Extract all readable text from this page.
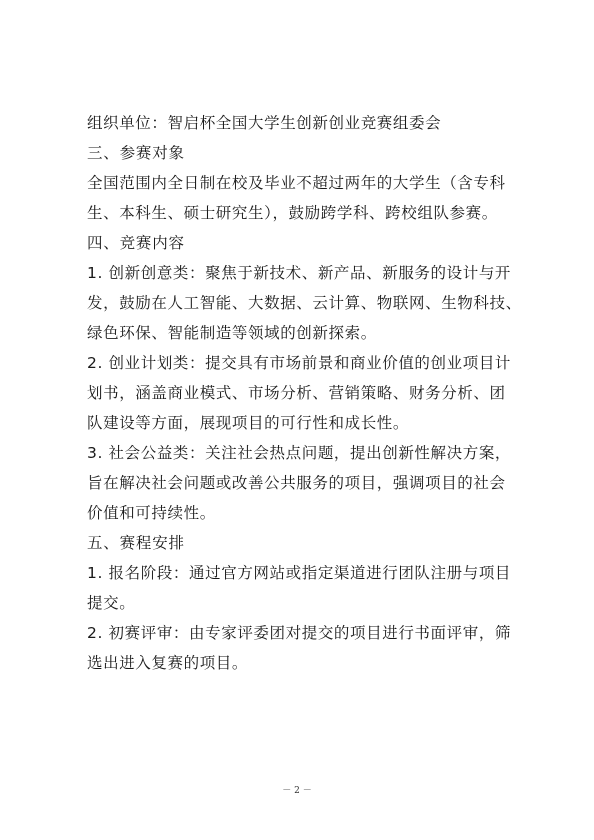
组织单位：智启杯全国大学生创新创业竞赛组委会
三、参赛对象
全国范围内全日制在校及毕业不超过两年的大学生（含专科
生、本科生、硕士研究生），鼓励跨学科、跨校组队参赛。
四、竞赛内容
1. 创新创意类：聚焦于新技术、新产品、新服务的设计与开
发，鼓励在人工智能、大数据、云计算、物联网、生物科技、
绿色环保、智能制造等领域的创新探索。
2. 创业计划类：提交具有市场前景和商业价值的创业项目计
划书，涵盖商业模式、市场分析、营销策略、财务分析、团
队建设等方面，展现项目的可行性和成长性。
3. 社会公益类：关注社会热点问题，提出创新性解决方案，
旨在解决社会问题或改善公共服务的项目，强调项目的社会
价值和可持续性。
五、赛程安排
1. 报名阶段：通过官方网站或指定渠道进行团队注册与项目
提交。
2. 初赛评审：由专家评委团对提交的项目进行书面评审，筛
选出进入复赛的项目。
－ 2 －
